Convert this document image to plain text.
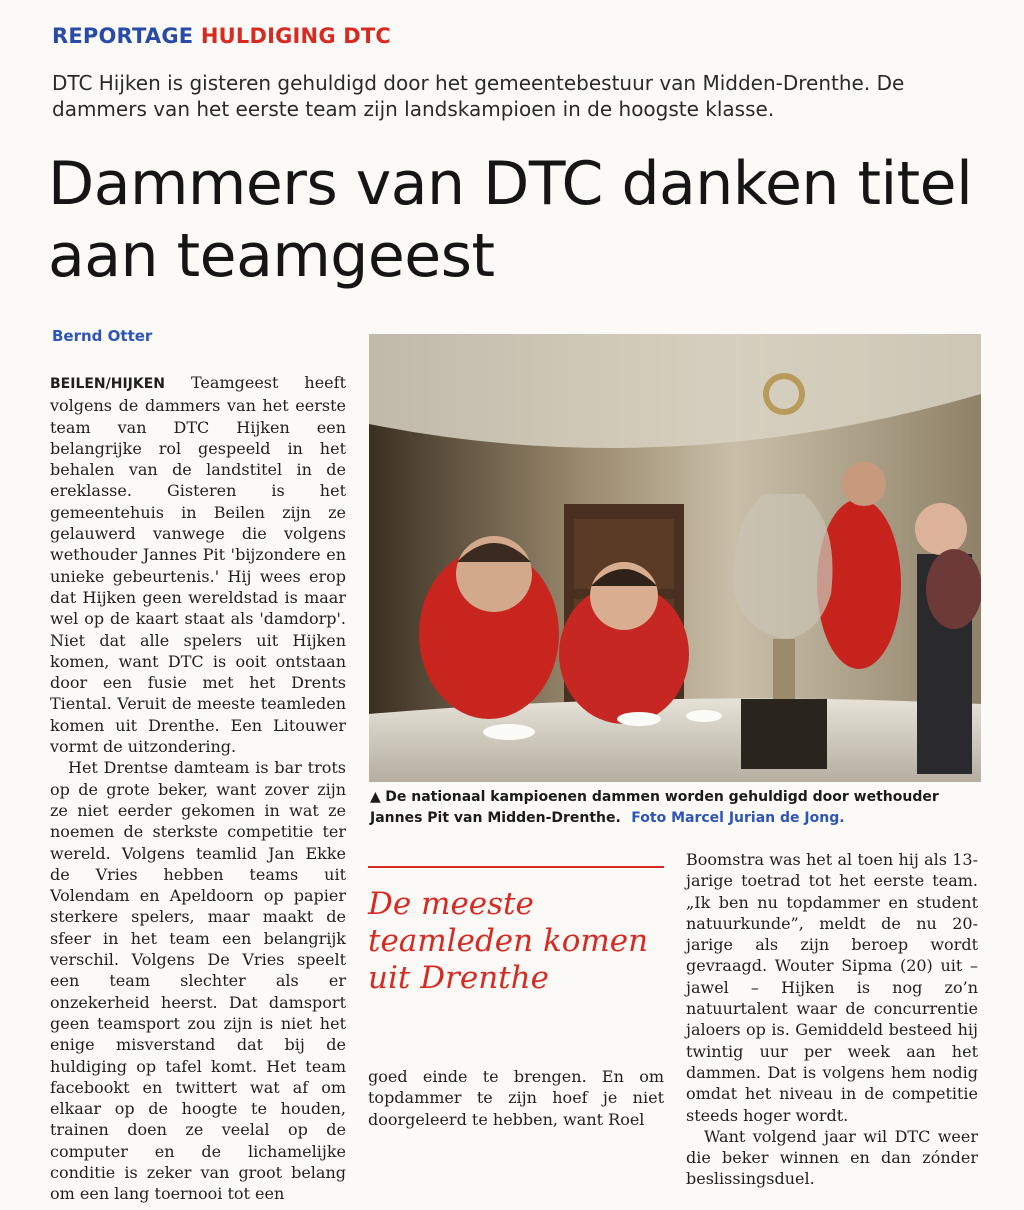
REPORTAGE HULDIGING DTC
DTC Hijken is gisteren gehuldigd door het gemeentebestuur van Midden-Drenthe. De dammers van het eerste team zijn landskampioen in de hoogste klasse.
Dammers van DTC danken titel aan teamgeest
Bernd Otter

BEILEN/HIJKEN Teamgeest heeft volgens de dammers van het eerste team van DTC Hijken een belangrijke rol gespeeld in het behalen van de landstitel in de ereklasse. Gisteren is het gemeentehuis in Beilen zijn ze gelauwerd vanwege die volgens wethouder Jannes Pit 'bijzondere en unieke gebeurtenis.' Hij wees erop dat Hijken geen wereldstad is maar wel op de kaart staat als 'damdorp'. Niet dat alle spelers uit Hijken komen, want DTC is ooit ontstaan door een fusie met het Drents Tiental. Veruit de meeste teamleden komen uit Drenthe. Een Litouwer vormt de uitzondering.

Het Drentse damteam is bar trots op de grote beker, want zover zijn ze niet eerder gekomen in wat ze noemen de sterkste competitie ter wereld. Volgens teamlid Jan Ekke de Vries hebben teams uit Volendam en Apeldoorn op papier sterkere spelers, maar maakt de sfeer in het team een belangrijk verschil. Volgens De Vries speelt een team slechter als er onzekerheid heerst. Dat damsport geen teamsport zou zijn is niet het enige misverstand dat bij de huldiging op tafel komt. Het team facebookt en twittert wat af om elkaar op de hoogte te houden, trainen doen ze veelal op de computer en de lichamelijke conditie is zeker van groot belang om een lang toernooi tot een

▲ De nationaal kampioenen dammen worden gehuldigd door wethouder Jannes Pit van Midden-Drenthe. Foto Marcel Jurian de Jong.
De meeste teamleden komen uit Drenthe

goed einde te brengen. En om topdammer te zijn hoef je niet doorgeleerd te hebben, want Roel

Boomstra was het al toen hij als 13-jarige toetrad tot het eerste team. „Ik ben nu topdammer en student natuurkunde”, meldt de nu 20-jarige als zijn beroep wordt gevraagd. Wouter Sipma (20) uit – jawel – Hijken is nog zo’n natuurtalent waar de concurrentie jaloers op is. Gemiddeld besteed hij twintig uur per week aan het dammen. Dat is volgens hem nodig omdat het niveau in de competitie steeds hoger wordt.

Want volgend jaar wil DTC weer die beker winnen en dan zónder beslissingsduel.
